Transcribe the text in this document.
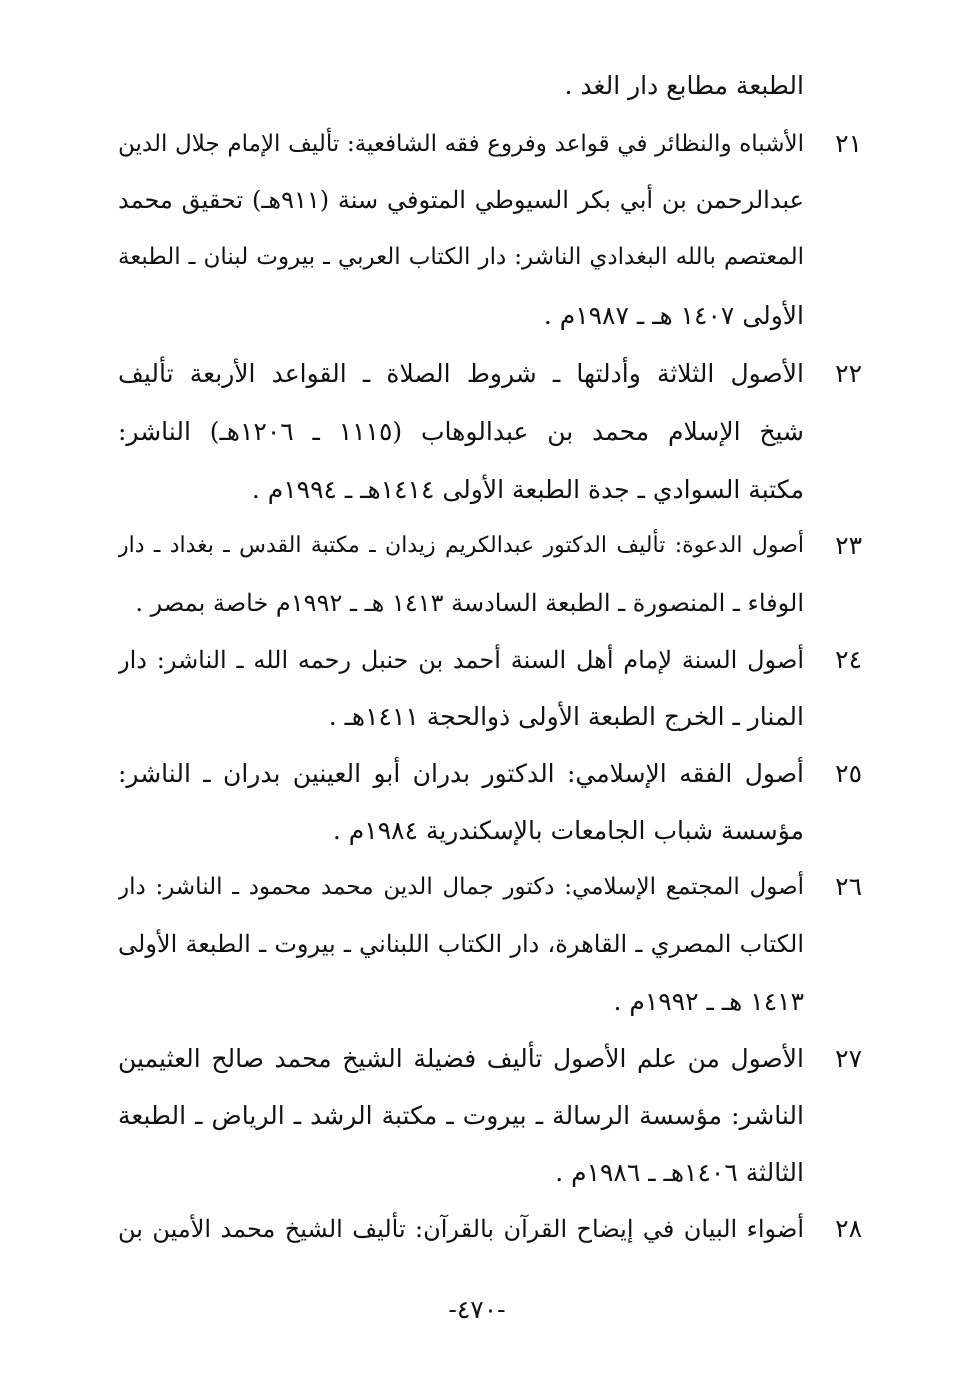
الطبعة مطابع دار الغد .
٢١
الأشباه والنظائر في قواعد وفروع فقه الشافعية: تأليف الإمام جلال الدين
عبدالرحمن بن أبي بكر السيوطي المتوفي سنة (٩١١هـ) تحقيق محمد
المعتصم بالله البغدادي الناشر: دار الكتاب العربي ـ بيروت لبنان ـ الطبعة
الأولى ١٤٠٧ هـ ـ ١٩٨٧م .
٢٢
الأصول الثلاثة وأدلتها ـ شروط الصلاة ـ القواعد الأربعة تأليف
شيخ الإسلام محمد بن عبدالوهاب (١١١٥ ـ ١٢٠٦هـ) الناشر:
مكتبة السوادي ـ جدة الطبعة الأولى ١٤١٤هـ ـ ١٩٩٤م .
٢٣
أصول الدعوة: تأليف الدكتور عبدالكريم زيدان ـ مكتبة القدس ـ بغداد ـ دار
الوفاء ـ المنصورة ـ الطبعة السادسة ١٤١٣ هـ ـ ١٩٩٢م خاصة بمصر .
٢٤
أصول السنة لإمام أهل السنة أحمد بن حنبل رحمه الله ـ الناشر: دار
المنار ـ الخرج الطبعة الأولى ذوالحجة ١٤١١هـ .
٢٥
أصول الفقه الإسلامي: الدكتور بدران أبو العينين بدران ـ الناشر:
مؤسسة شباب الجامعات بالإسكندرية ١٩٨٤م .
٢٦
أصول المجتمع الإسلامي: دكتور جمال الدين محمد محمود ـ الناشر: دار
الكتاب المصري ـ القاهرة، دار الكتاب اللبناني ـ بيروت ـ الطبعة الأولى
١٤١٣ هـ ـ ١٩٩٢م .
٢٧
الأصول من علم الأصول تأليف فضيلة الشيخ محمد صالح العثيمين
الناشر: مؤسسة الرسالة ـ بيروت ـ مكتبة الرشد ـ الرياض ـ الطبعة
الثالثة ١٤٠٦هـ ـ ١٩٨٦م .
٢٨
أضواء البيان في إيضاح القرآن بالقرآن: تأليف الشيخ محمد الأمين بن
-٤٧٠-
